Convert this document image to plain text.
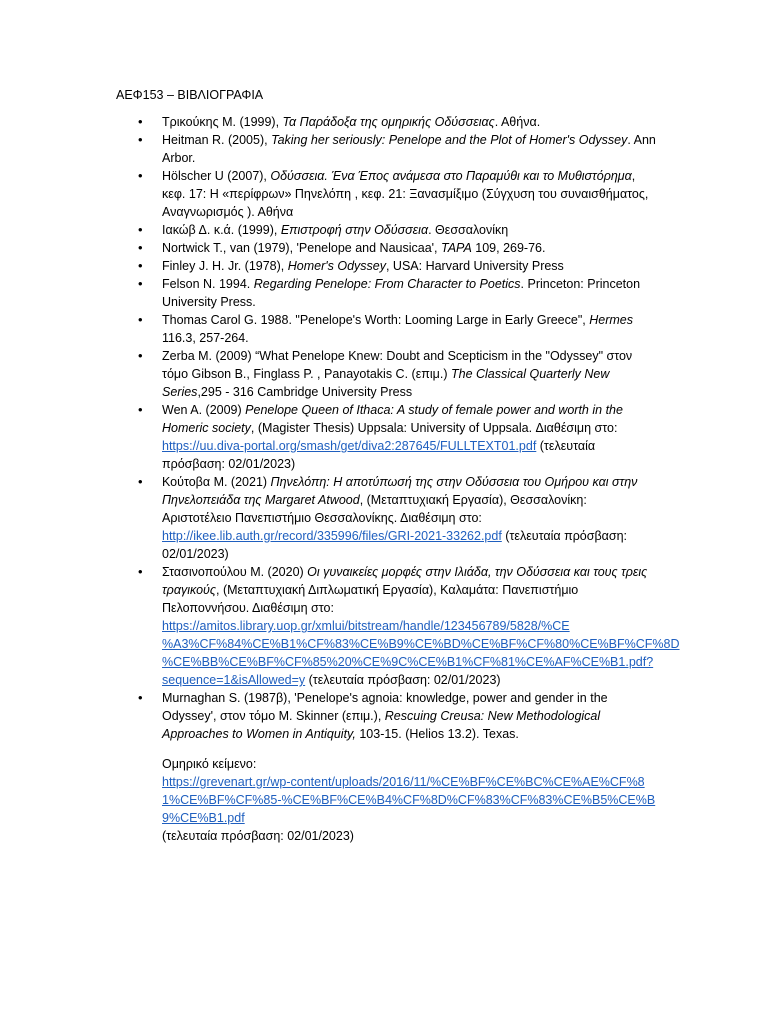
ΑΕΦ153 – ΒΙΒΛΙΟΓΡΑΦΙΑ
• Τρικούκης Μ. (1999), Τα Παράδοξα της ομηρικής Οδύσσειας. Αθήνα.
• Heitman R. (2005), Taking her seriously: Penelope and the Plot of Homer's Odyssey. Ann Arbor.
• Hölscher U (2007), Οδύσσεια. Ένα Έπος ανάμεσα στο Παραμύθι και το Μυθιστόρημα, κεφ. 17: Η «περίφρων» Πηνελόπη , κεφ. 21: Ξανασμίξιμο (Σύγχυση του συναισθήματος, Αναγνωρισμός ). Αθήνα
• Ιακώβ Δ. κ.ά. (1999), Επιστροφή στην Οδύσσεια. Θεσσαλονίκη
• Nortwick T., van (1979), 'Penelope and Nausicaa', TAPA 109, 269-76.
• Finley J. H. Jr. (1978), Homer's Odyssey, USA: Harvard University Press
• Felson N. 1994. Regarding Penelope: From Character to Poetics. Princeton: Princeton University Press.
• Thomas Carol G. 1988. "Penelope's Worth: Looming Large in Early Greece", Hermes 116.3, 257-264.
• Zerba M. (2009) “What Penelope Knew: Doubt and Scepticism in the "Odyssey" στον τόμο Gibson B., Finglass P. , Panayotakis C. (επιμ.) The Classical Quarterly New Series,295 - 316 Cambridge University Press
• Wen A. (2009) Penelope Queen of Ithaca: A study of female power and worth in the Homeric society, (Magister Thesis) Uppsala: University of Uppsala. Διαθέσιμη στο: https://uu.diva-portal.org/smash/get/diva2:287645/FULLTEXT01.pdf (τελευταία πρόσβαση: 02/01/2023)
• Κούτοβα Μ. (2021) Πηνελόπη: Η αποτύπωσή της στην Οδύσσεια του Ομήρου και στην Πηνελοπειάδα της Margaret Atwood, (Μεταπτυχιακή Εργασία), Θεσσαλονίκη: Αριστοτέλειο Πανεπιστήμιο Θεσσαλονίκης. Διαθέσιμη στο: http://ikee.lib.auth.gr/record/335996/files/GRI-2021-33262.pdf (τελευταία πρόσβαση: 02/01/2023)
• Στασινοπούλου Μ. (2020) Οι γυναικείες μορφές στην Ιλιάδα, την Οδύσσεια και τους τρεις τραγικούς, (Μεταπτυχιακή Διπλωματική Εργασία), Καλαμάτα: Πανεπιστήμιο Πελοποννήσου. Διαθέσιμη στο: https://amitos.library.uop.gr/xmlui/bitstream/handle/123456789/5828/%CE %A3%CF%84%CE%B1%CF%83%CE%B9%CE%BD%CE%BF%CF%80%CE%BF%CF%8D %CE%BB%CE%BF%CF%85%20%CE%9C%CE%B1%CF%81%CE%AF%CE%B1.pdf? sequence=1&isAllowed=y (τελευταία πρόσβαση: 02/01/2023)
• Murnaghan S. (1987β), 'Penelope's agnoia: knowledge, power and gender in the Odyssey', στον τόμο M. Skinner (επιμ.), Rescuing Creusa: New Methodological Approaches to Women in Antiquity, 103-15. (Helios 13.2). Texas.
Ομηρικό κείμενο:
https://grevenart.gr/wp-content/uploads/2016/11/%CE%BF%CE%BC%CE%AE%CF%81%CE%BF%CF%85-%CE%BF%CE%B4%CF%8D%CF%83%CF%83%CE%B5%CE%B9%CE%B1.pdf
(τελευταία πρόσβαση: 02/01/2023)
